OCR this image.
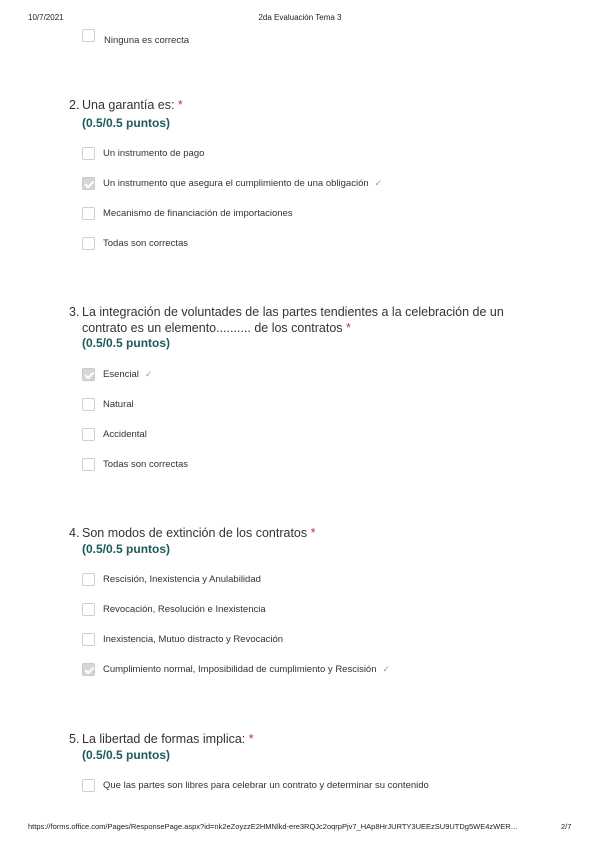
10/7/2021	2da Evaluación Tema 3
Ninguna es correcta
2. Una garantía es: *
(0.5/0.5 puntos)
Un instrumento de pago
Un instrumento que asegura el cumplimiento de una obligación ✓
Mecanismo de financiación de importaciones
Todas son correctas
3. La integración de voluntades de las partes tendientes a la celebración de un contrato es un elemento.......... de los contratos *
(0.5/0.5 puntos)
Esencial ✓
Natural
Accidental
Todas son correctas
4. Son modos de extinción de los contratos *
(0.5/0.5 puntos)
Rescisión, Inexistencia y Anulabilidad
Revocación, Resolución e Inexistencia
Inexistencia, Mutuo distracto y Revocación
Cumplimiento normal, Imposibilidad de cumplimiento y Rescisión ✓
5. La libertad de formas implica: *
(0.5/0.5 puntos)
Que las partes son libres para celebrar un contrato y determinar su contenido
https://forms.office.com/Pages/ResponsePage.aspx?id=nk2eZoyzzE2HMNlkd-ere3RQJc2oqrpPjv7_HAp8HrJURTY3UEEzSU9UTDg5WE4zWER…	2/7
